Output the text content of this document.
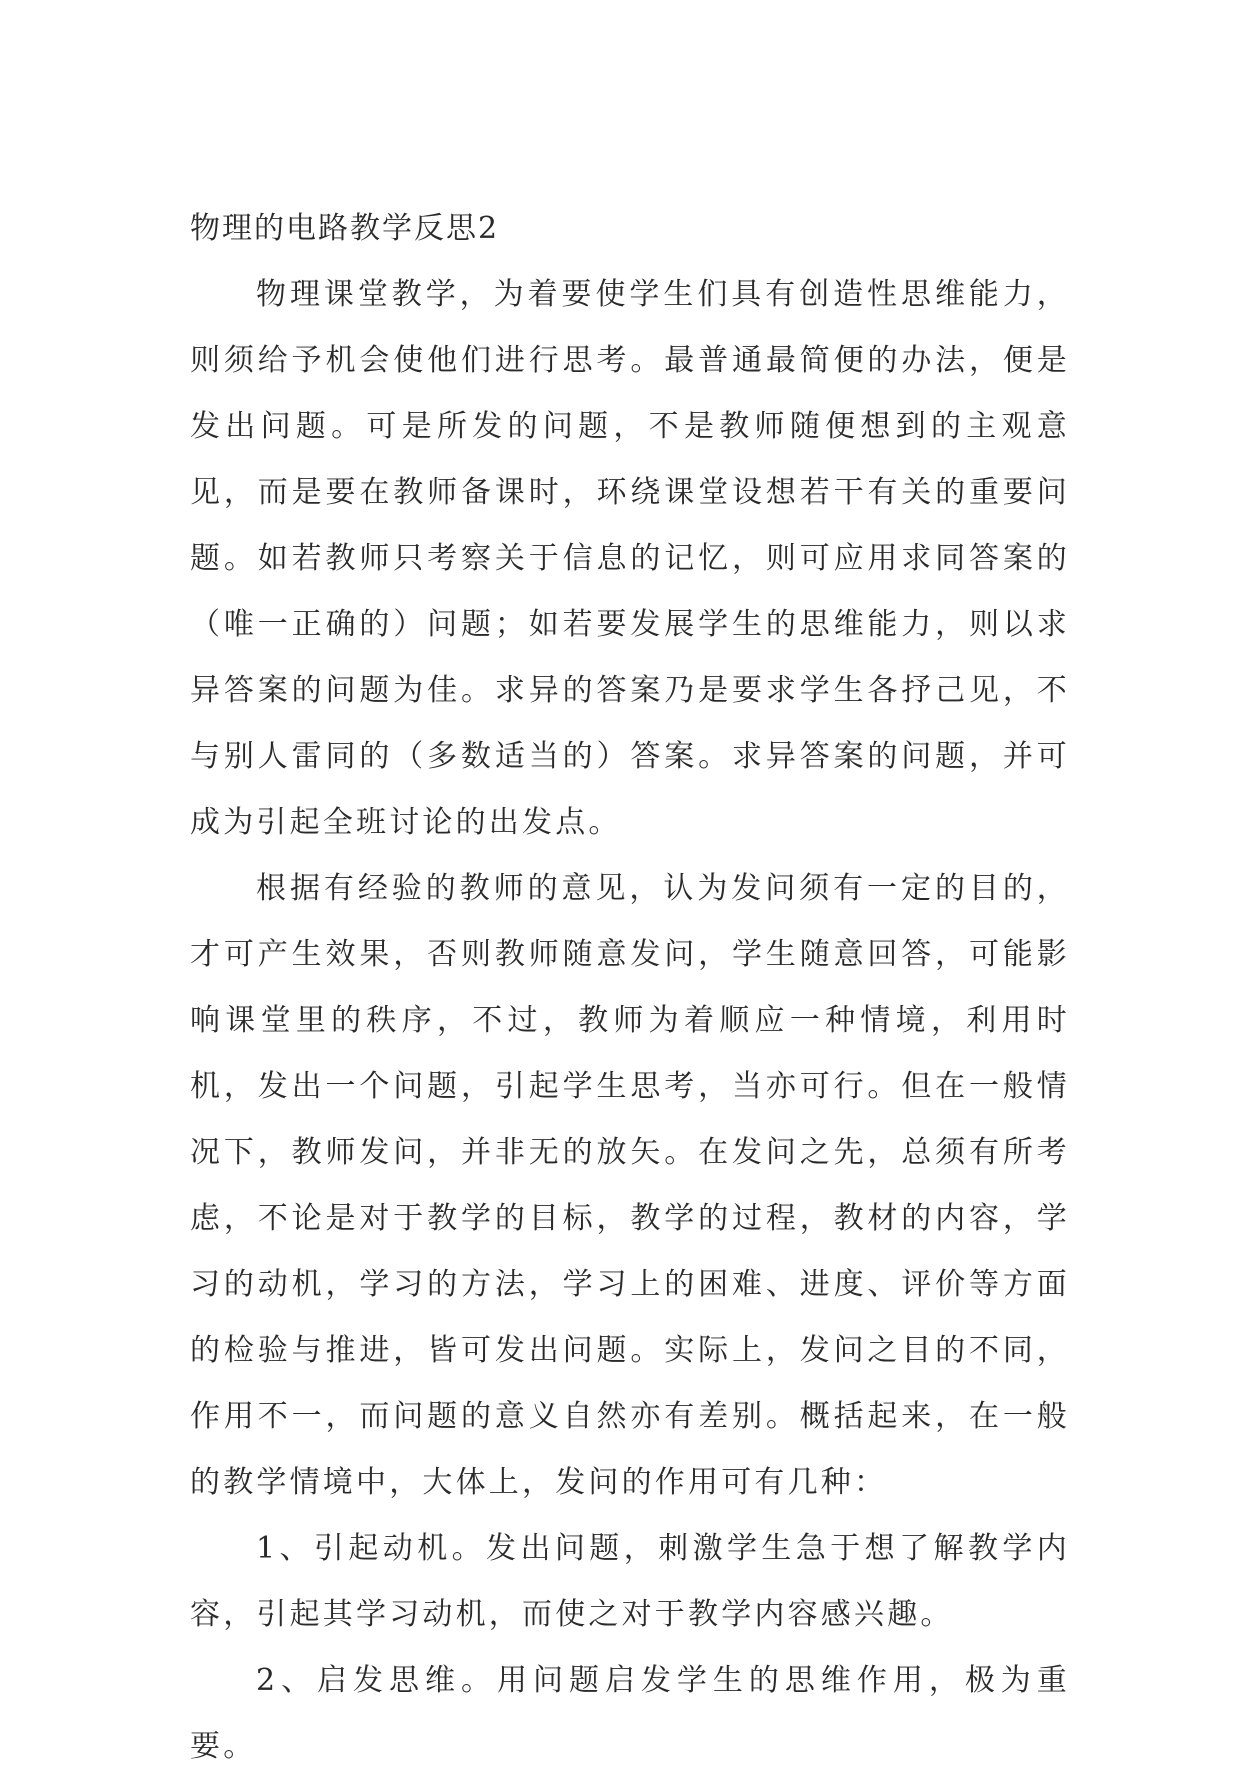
物理的电路教学反思2

物理课堂教学，为着要使学生们具有创造性思维能力，则须给予机会使他们进行思考。最普通最简便的办法，便是发出问题。可是所发的问题，不是教师随便想到的主观意见，而是要在教师备课时，环绕课堂设想若干有关的重要问题。如若教师只考察关于信息的记忆，则可应用求同答案的（唯一正确的）问题；如若要发展学生的思维能力，则以求异答案的问题为佳。求异的答案乃是要求学生各抒己见，不与别人雷同的（多数适当的）答案。求异答案的问题，并可成为引起全班讨论的出发点。

根据有经验的教师的意见，认为发问须有一定的目的，才可产生效果，否则教师随意发问，学生随意回答，可能影响课堂里的秩序，不过，教师为着顺应一种情境，利用时机，发出一个问题，引起学生思考，当亦可行。但在一般情况下，教师发问，并非无的放矢。在发问之先，总须有所考虑，不论是对于教学的目标，教学的过程，教材的内容，学习的动机，学习的方法，学习上的困难、进度、评价等方面的检验与推进，皆可发出问题。实际上，发问之目的不同，作用不一，而问题的意义自然亦有差别。概括起来，在一般的教学情境中，大体上，发问的作用可有几种：

1、引起动机。发出问题，刺激学生急于想了解教学内容，引起其学习动机，而使之对于教学内容感兴趣。

2、启发思维。用问题启发学生的思维作用，极为重要。
